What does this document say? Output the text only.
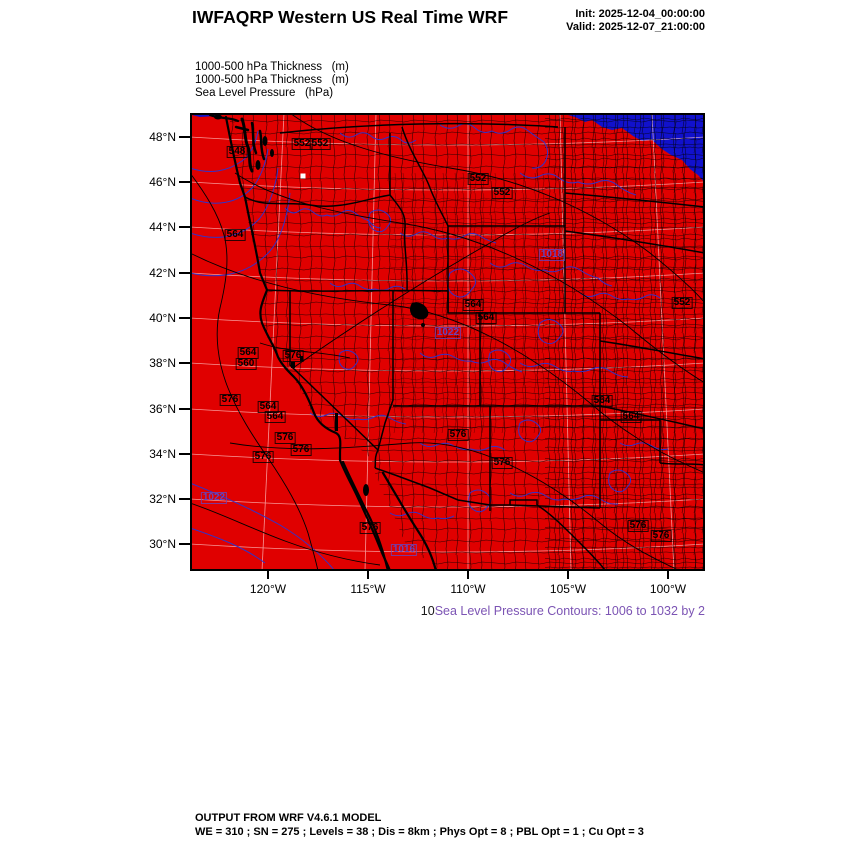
IWFAQRP Western US Real Time WRF	Init: 2025-12-04_00:00:00
Valid: 2025-12-07_21:00:00
1000-500 hPa Thickness   (m)
1000-500 hPa Thickness   (m)
Sea Level Pressure   (hPa)
548
552 552
552
552
552
564
564
564
564
560
576
576
564
564
576
576
576
576
576
576
564
564
576
576
1022
1018
1022
1016
10Sea Level Pressure Contours: 1006 to 1032 by 2
OUTPUT FROM WRF V4.6.1 MODEL
WE = 310 ; SN = 275 ; Levels = 38 ; Dis = 8km ; Phys Opt = 8 ; PBL Opt = 1 ; Cu Opt = 3
48°N
46°N
44°N
42°N
40°N
38°N
36°N
34°N
32°N
30°N
120°W	115°W	110°W	105°W	100°W
